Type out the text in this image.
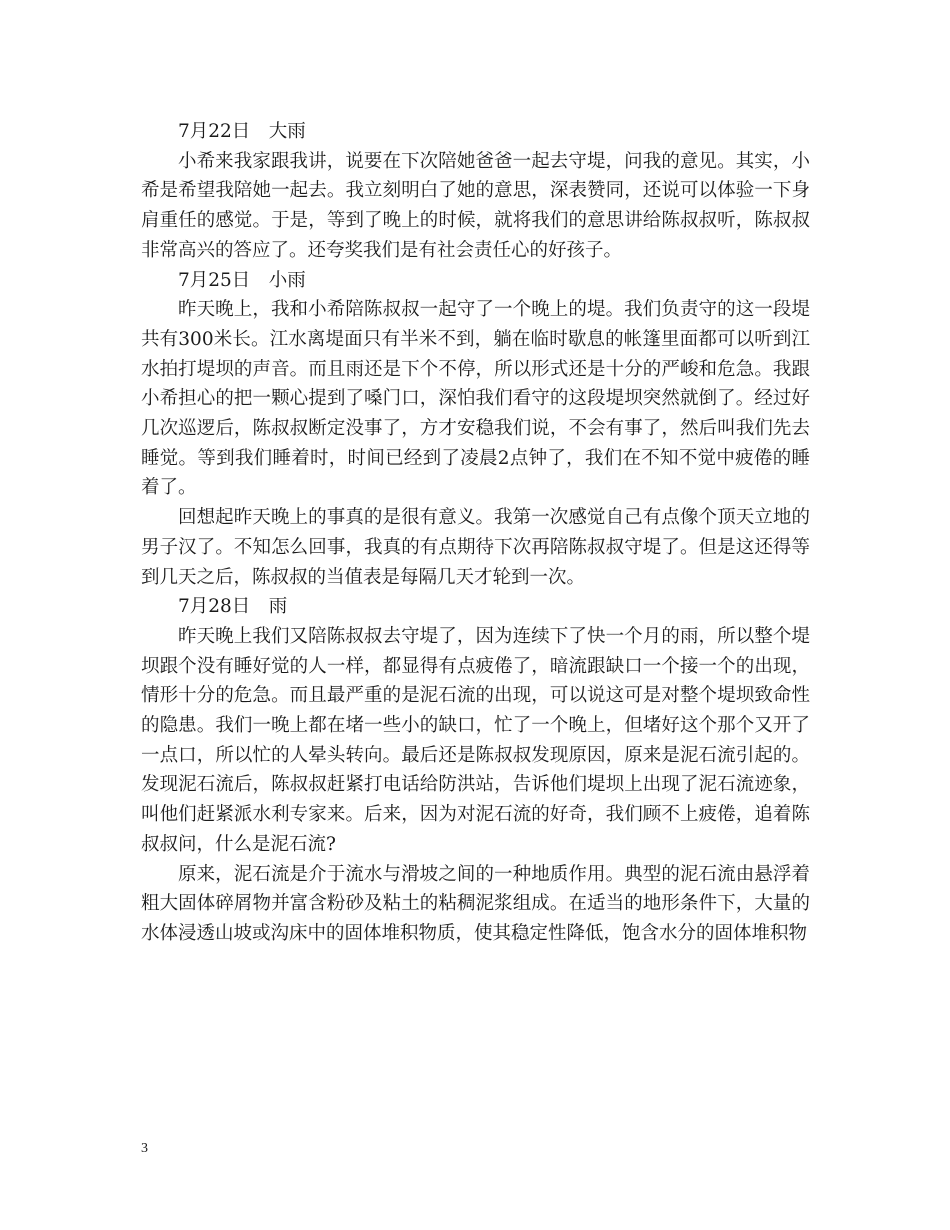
7月22日　大雨

小希来我家跟我讲，说要在下次陪她爸爸一起去守堤，问我的意见。其实，小希是希望我陪她一起去。我立刻明白了她的意思，深表赞同，还说可以体验一下身肩重任的感觉。于是，等到了晚上的时候，就将我们的意思讲给陈叔叔听，陈叔叔非常高兴的答应了。还夸奖我们是有社会责任心的好孩子。

7月25日　小雨

昨天晚上，我和小希陪陈叔叔一起守了一个晚上的堤。我们负责守的这一段堤共有300米长。江水离堤面只有半米不到，躺在临时歇息的帐篷里面都可以听到江水拍打堤坝的声音。而且雨还是下个不停，所以形式还是十分的严峻和危急。我跟小希担心的把一颗心提到了嗓门口，深怕我们看守的这段堤坝突然就倒了。经过好几次巡逻后，陈叔叔断定没事了，方才安稳我们说，不会有事了，然后叫我们先去睡觉。等到我们睡着时，时间已经到了凌晨2点钟了，我们在不知不觉中疲倦的睡着了。

回想起昨天晚上的事真的是很有意义。我第一次感觉自己有点像个顶天立地的男子汉了。不知怎么回事，我真的有点期待下次再陪陈叔叔守堤了。但是这还得等到几天之后，陈叔叔的当值表是每隔几天才轮到一次。

7月28日　雨

昨天晚上我们又陪陈叔叔去守堤了，因为连续下了快一个月的雨，所以整个堤坝跟个没有睡好觉的人一样，都显得有点疲倦了，暗流跟缺口一个接一个的出现，情形十分的危急。而且最严重的是泥石流的出现，可以说这可是对整个堤坝致命性的隐患。我们一晚上都在堵一些小的缺口，忙了一个晚上，但堵好这个那个又开了一点口，所以忙的人晕头转向。最后还是陈叔叔发现原因，原来是泥石流引起的。发现泥石流后，陈叔叔赶紧打电话给防洪站，告诉他们堤坝上出现了泥石流迹象，叫他们赶紧派水利专家来。后来，因为对泥石流的好奇，我们顾不上疲倦，追着陈叔叔问，什么是泥石流?

原来，泥石流是介于流水与滑坡之间的一种地质作用。典型的泥石流由悬浮着粗大固体碎屑物并富含粉砂及粘土的粘稠泥浆组成。在适当的地形条件下，大量的水体浸透山坡或沟床中的固体堆积物质，使其稳定性降低，饱含水分的固体堆积物

3
